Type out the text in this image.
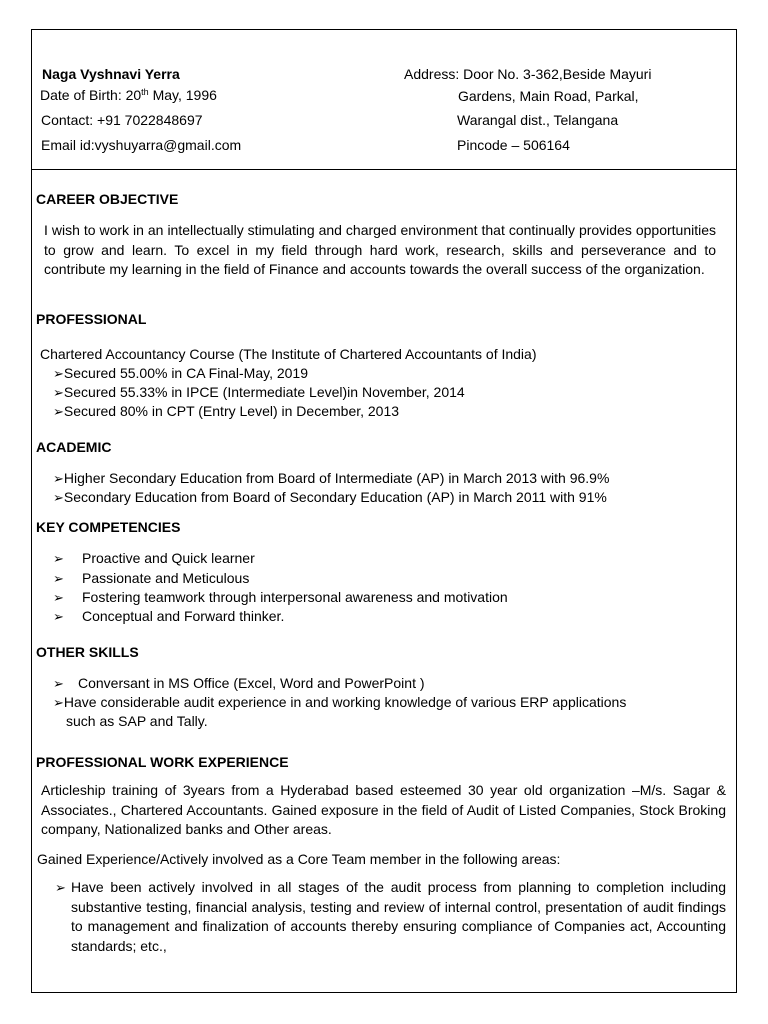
Naga Vyshnavi Yerra
Date of Birth: 20th May, 1996
Contact: +91 7022848697
Email id:vyshuyarra@gmail.com
Address: Door No. 3-362,Beside Mayuri
Gardens, Main Road, Parkal,
Warangal dist., Telangana
Pincode – 506164
CAREER OBJECTIVE
I wish to work in an intellectually stimulating and charged environment that continually provides opportunities to grow and learn. To excel in my field through hard work, research, skills and perseverance and to contribute my learning in the field of Finance and accounts towards the overall success of the organization.
PROFESSIONAL
Chartered Accountancy Course (The Institute of Chartered Accountants of India)
➢Secured 55.00% in CA Final-May, 2019
➢Secured 55.33% in IPCE (Intermediate Level)in November, 2014
➢Secured 80% in CPT (Entry Level) in December, 2013
ACADEMIC
➢Higher Secondary Education from Board of Intermediate (AP) in March 2013 with 96.9%
➢Secondary Education from Board of Secondary Education (AP) in March 2011 with 91%
KEY COMPETENCIES
➢ Proactive and Quick learner
➢ Passionate and Meticulous
➢ Fostering teamwork through interpersonal awareness and motivation
➢ Conceptual and Forward thinker.
OTHER SKILLS
➢ Conversant in MS Office (Excel, Word and PowerPoint )
➢Have considerable audit experience in and working knowledge of various ERP applications
such as SAP and Tally.
PROFESSIONAL WORK EXPERIENCE
Articleship training of 3years from a Hyderabad based esteemed 30 year old organization –M/s. Sagar & Associates., Chartered Accountants. Gained exposure in the field of Audit of Listed Companies, Stock Broking company, Nationalized banks and Other areas.
Gained Experience/Actively involved as a Core Team member in the following areas:
➢ Have been actively involved in all stages of the audit process from planning to completion including substantive testing, financial analysis, testing and review of internal control, presentation of audit findings to management and finalization of accounts thereby ensuring compliance of Companies act, Accounting standards; etc.,
